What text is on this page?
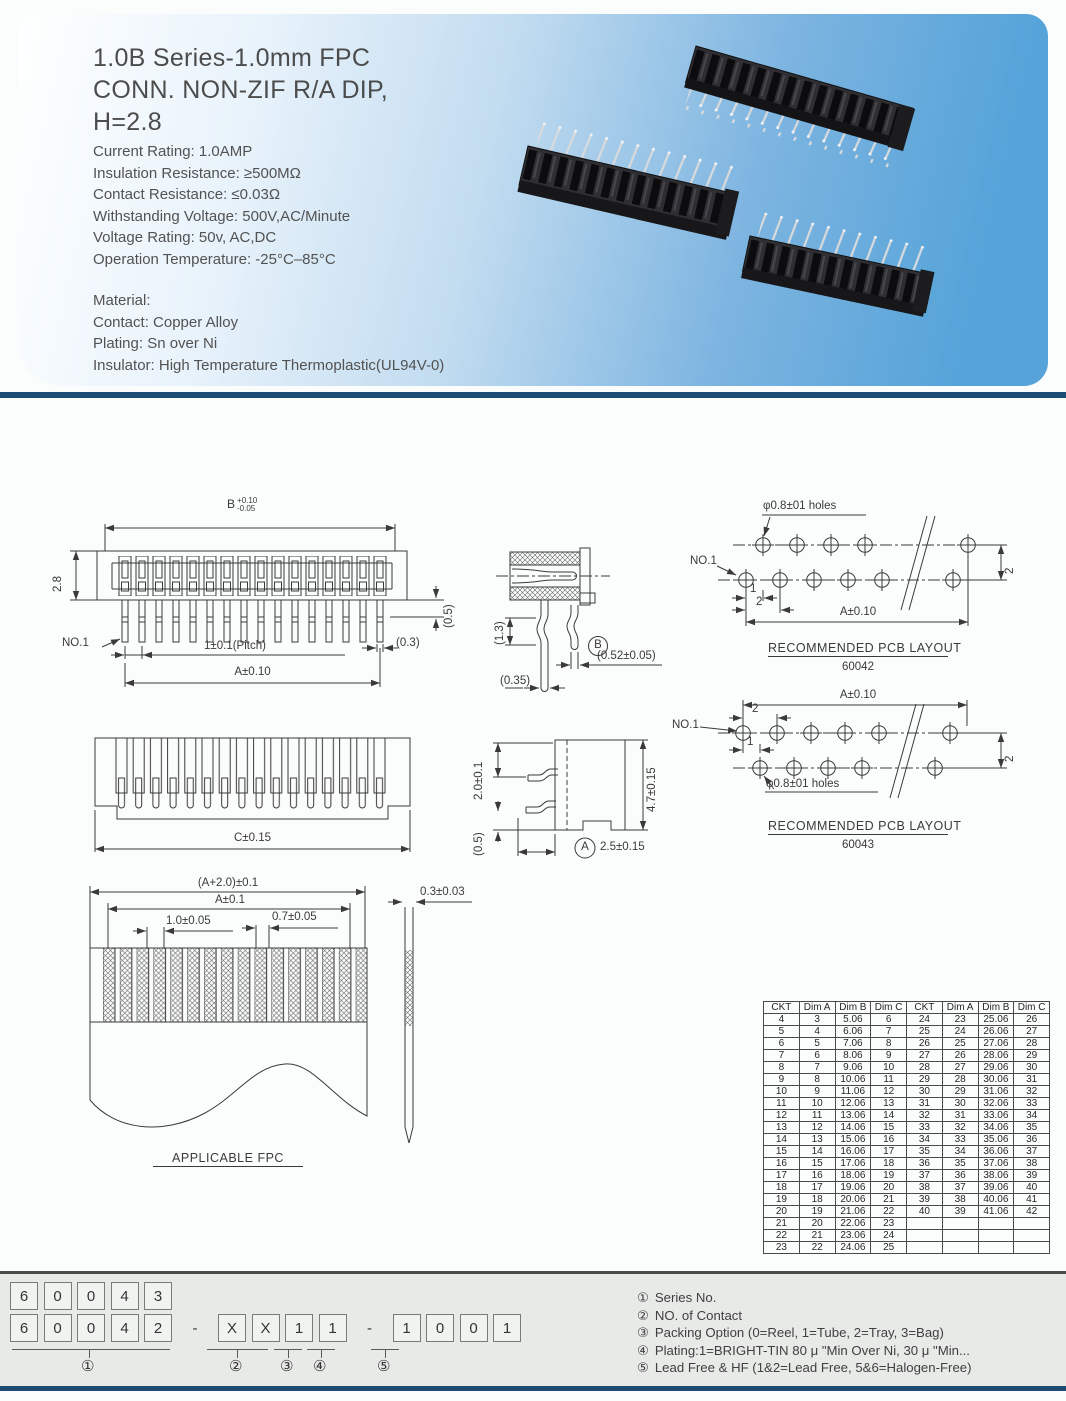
1.0B Series-1.0mm FPC
CONN. NON-ZIF R/A DIP,
H=2.8
Current Rating: 1.0AMP
Insulation Resistance: ≥500MΩ
Contact Resistance: ≤0.03Ω
Withstanding Voltage: 500V,AC/Minute
Voltage Rating: 50v, AC,DC
Operation Temperature: -25°C–85°C
Material:
Contact: Copper Alloy
Plating: Sn over Ni
Insulator: High Temperature Thermoplastic(UL94V-0)
B +0.10
-0.05
2.8
NO.1	1±0.1(Pitch)
A±0.10
(0.5)
(0.3)	(1.3)	B
(0.52±0.05)
(0.35)
C±0.15
2.0±0.1	4.7±0.15
(0.5)	A 2.5±0.15
φ0.8±01 holes
NO.1
1
2
A±0.10
2
RECOMMENDED PCB LAYOUT
60042
A±0.10
2
1
φ0.8±01 holes
NO.1
2
RECOMMENDED PCB LAYOUT
60043
(A+2.0)±0.1
A±0.1
1.0±0.05	0.7±0.05
0.3±0.03
APPLICABLE FPC
CKT	Dim A	Dim B	Dim C	CKT	Dim A	Dim B	Dim C
4	3	5.06	6	24	23	25.06	26
5	4	6.06	7	25	24	26.06	27
6	5	7.06	8	26	25	27.06	28
7	6	8.06	9	27	26	28.06	29
8	7	9.06	10	28	27	29.06	30
9	8	10.06	11	29	28	30.06	31
10	9	11.06	12	30	29	31.06	32
11	10	12.06	13	31	30	32.06	33
12	11	13.06	14	32	31	33.06	34
13	12	14.06	15	33	32	34.06	35
14	13	15.06	16	34	33	35.06	36
15	14	16.06	17	35	34	36.06	37
16	15	17.06	18	36	35	37.06	38
17	16	18.06	19	37	36	38.06	39
18	17	19.06	20	38	37	39.06	40
19	18	20.06	21	39	38	40.06	41
20	19	21.06	22	40	39	41.06	42
21	20	22.06	23				
22	21	23.06	24				
23	22	24.06	25				
6	0	0	4	3
6	0	0	4	2	-	X	X	1	1	-	1	0	0	1
①	②	③ ④	⑤
① Series No.
② NO. of Contact
③ Packing Option (0=Reel, 1=Tube, 2=Tray, 3=Bag)
④ Plating:1=BRIGHT-TIN 80 μ "Min Over Ni, 30 μ "Min...
⑤ Lead Free & HF (1&2=Lead Free, 5&6=Halogen-Free)
